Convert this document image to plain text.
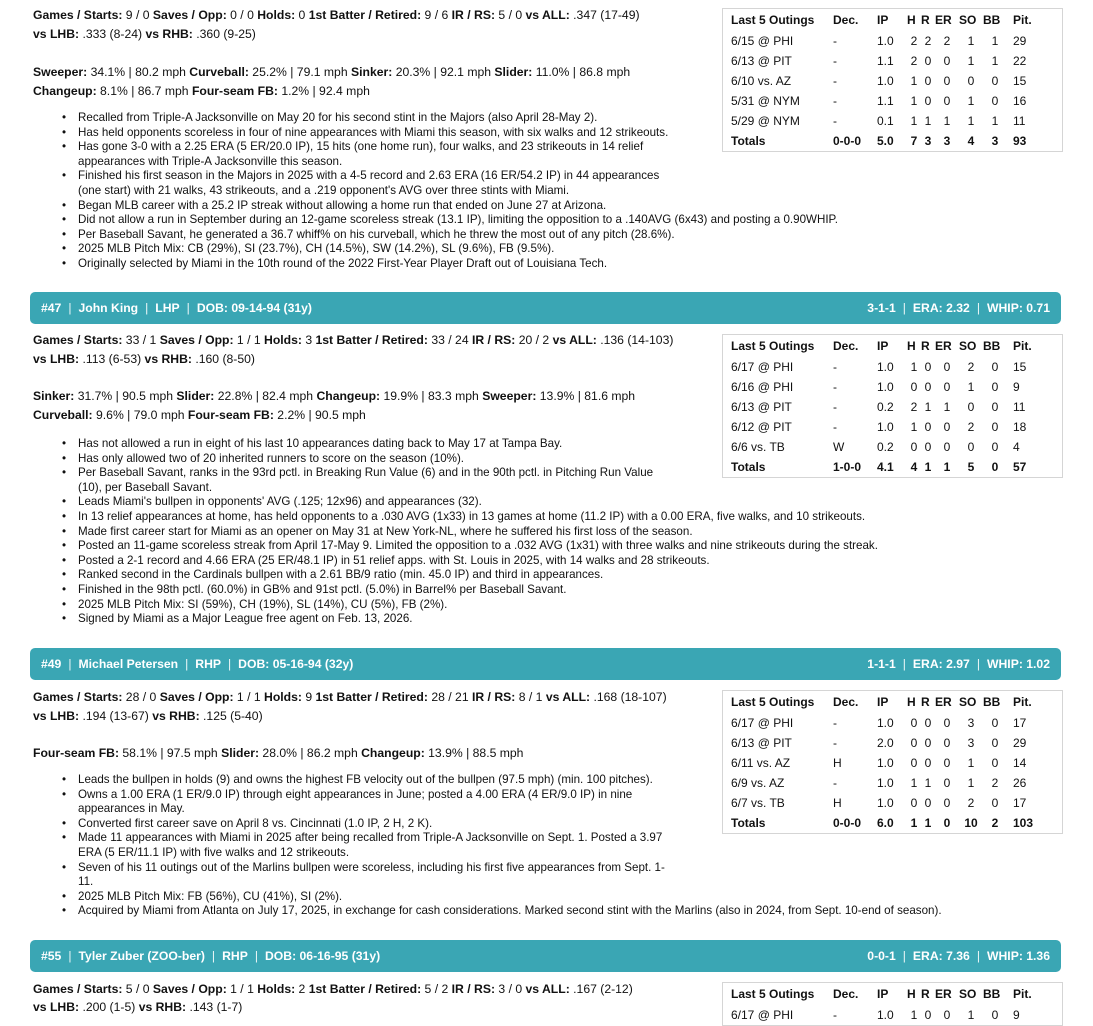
Games / Starts: 9 / 0 Saves / Opp: 0 / 0 Holds: 0 1st Batter / Retired: 9 / 6 IR / RS: 5 / 0 vs ALL: .347 (17-49)
vs LHB: .333 (8-24) vs RHB: .360 (9-25)
Sweeper: 34.1% | 80.2 mph Curveball: 25.2% | 79.1 mph Sinker: 20.3% | 92.1 mph Slider: 11.0% | 86.8 mph
Changeup: 8.1% | 86.7 mph Four-seam FB: 1.2% | 92.4 mph
• Recalled from Triple-A Jacksonville on May 20 for his second stint in the Majors (also April 28-May 2).
• Has held opponents scoreless in four of nine appearances with Miami this season, with six walks and 12 strikeouts.
• Has gone 3-0 with a 2.25 ERA (5 ER/20.0 IP), 15 hits (one home run), four walks, and 23 strikeouts in 14 relief
appearances with Triple-A Jacksonville this season.
• Finished his first season in the Majors in 2025 with a 4-5 record and 2.63 ERA (16 ER/54.2 IP) in 44 appearances
(one start) with 21 walks, 43 strikeouts, and a .219 opponent's AVG over three stints with Miami.
• Began MLB career with a 25.2 IP streak without allowing a home run that ended on June 27 at Arizona.
• Did not allow a run in September during an 12-game scoreless streak (13.1 IP), limiting the opposition to a .140AVG (6x43) and posting a 0.90WHIP.
• Per Baseball Savant, he generated a 36.7 whiff% on his curveball, which he threw the most out of any pitch (28.6%).
• 2025 MLB Pitch Mix: CB (29%), SI (23.7%), CH (14.5%), SW (14.2%), SL (9.6%), FB (9.5%).
• Originally selected by Miami in the 10th round of the 2022 First-Year Player Draft out of Louisiana Tech.
Last 5 Outings	Dec.	IP	H	R	ER	SO	BB	Pit.
6/15 @ PHI	-	1.0	2	2	2	1	1	29
6/13 @ PIT	-	1.1	2	0	0	1	1	22
6/10 vs. AZ	-	1.0	1	0	0	0	0	15
5/31 @ NYM	-	1.1	1	0	0	1	0	16
5/29 @ NYM	-	0.1	1	1	1	1	1	11
Totals	0-0-0	5.0	7	3	3	4	3	93
#47 | John King | LHP | DOB: 09-14-94 (31y)	3-1-1 | ERA: 2.32 | WHIP: 0.71
Games / Starts: 33 / 1 Saves / Opp: 1 / 1 Holds: 3 1st Batter / Retired: 33 / 24 IR / RS: 20 / 2 vs ALL: .136 (14-103)
vs LHB: .113 (6-53) vs RHB: .160 (8-50)
Sinker: 31.7% | 90.5 mph Slider: 22.8% | 82.4 mph Changeup: 19.9% | 83.3 mph Sweeper: 13.9% | 81.6 mph
Curveball: 9.6% | 79.0 mph Four-seam FB: 2.2% | 90.5 mph
• Has not allowed a run in eight of his last 10 appearances dating back to May 17 at Tampa Bay.
• Has only allowed two of 20 inherited runners to score on the season (10%).
• Per Baseball Savant, ranks in the 93rd pctl. in Breaking Run Value (6) and in the 90th pctl. in Pitching Run Value
(10), per Baseball Savant.
• Leads Miami's bullpen in opponents' AVG (.125; 12x96) and appearances (32).
• In 13 relief appearances at home, has held opponents to a .030 AVG (1x33) in 13 games at home (11.2 IP) with a 0.00 ERA, five walks, and 10 strikeouts.
• Made first career start for Miami as an opener on May 31 at New York-NL, where he suffered his first loss of the season.
• Posted an 11-game scoreless streak from April 17-May 9. Limited the opposition to a .032 AVG (1x31) with three walks and nine strikeouts during the streak.
• Posted a 2-1 record and 4.66 ERA (25 ER/48.1 IP) in 51 relief apps. with St. Louis in 2025, with 14 walks and 28 strikeouts.
• Ranked second in the Cardinals bullpen with a 2.61 BB/9 ratio (min. 45.0 IP) and third in appearances.
• Finished in the 98th pctl. (60.0%) in GB% and 91st pctl. (5.0%) in Barrel% per Baseball Savant.
• 2025 MLB Pitch Mix: SI (59%), CH (19%), SL (14%), CU (5%), FB (2%).
• Signed by Miami as a Major League free agent on Feb. 13, 2026.
Last 5 Outings	Dec.	IP	H	R	ER	SO	BB	Pit.
6/17 @ PHI	-	1.0	1	0	0	2	0	15
6/16 @ PHI	-	1.0	0	0	0	1	0	9
6/13 @ PIT	-	0.2	2	1	1	0	0	11
6/12 @ PIT	-	1.0	1	0	0	2	0	18
6/6 vs. TB	W	0.2	0	0	0	0	0	4
Totals	1-0-0	4.1	4	1	1	5	0	57
#49 | Michael Petersen | RHP | DOB: 05-16-94 (32y)	1-1-1 | ERA: 2.97 | WHIP: 1.02
Games / Starts: 28 / 0 Saves / Opp: 1 / 1 Holds: 9 1st Batter / Retired: 28 / 21 IR / RS: 8 / 1 vs ALL: .168 (18-107)
vs LHB: .194 (13-67) vs RHB: .125 (5-40)
Four-seam FB: 58.1% | 97.5 mph Slider: 28.0% | 86.2 mph Changeup: 13.9% | 88.5 mph
• Leads the bullpen in holds (9) and owns the highest FB velocity out of the bullpen (97.5 mph) (min. 100 pitches).
• Owns a 1.00 ERA (1 ER/9.0 IP) through eight appearances in June; posted a 4.00 ERA (4 ER/9.0 IP) in nine
appearances in May.
• Converted first career save on April 8 vs. Cincinnati (1.0 IP, 2 H, 2 K).
• Made 11 appearances with Miami in 2025 after being recalled from Triple-A Jacksonville on Sept. 1. Posted a 3.97
ERA (5 ER/11.1 IP) with five walks and 12 strikeouts.
• Seven of his 11 outings out of the Marlins bullpen were scoreless, including his first five appearances from Sept. 1-
11.
• 2025 MLB Pitch Mix: FB (56%), CU (41%), SI (2%).
• Acquired by Miami from Atlanta on July 17, 2025, in exchange for cash considerations. Marked second stint with the Marlins (also in 2024, from Sept. 10-end of season).
Last 5 Outings	Dec.	IP	H	R	ER	SO	BB	Pit.
6/17 @ PHI	-	1.0	0	0	0	3	0	17
6/13 @ PIT	-	2.0	0	0	0	3	0	29
6/11 vs. AZ	H	1.0	0	0	0	1	0	14
6/9 vs. AZ	-	1.0	1	1	0	1	2	26
6/7 vs. TB	H	1.0	0	0	0	2	0	17
Totals	0-0-0	6.0	1	1	0	10	2	103
#55 | Tyler Zuber (ZOO-ber) | RHP | DOB: 06-16-95 (31y)	0-0-1 | ERA: 7.36 | WHIP: 1.36
Games / Starts: 5 / 0 Saves / Opp: 1 / 1 Holds: 2 1st Batter / Retired: 5 / 2 IR / RS: 3 / 0 vs ALL: .167 (2-12)
vs LHB: .200 (1-5) vs RHB: .143 (1-7)
Last 5 Outings	Dec.	IP	H	R	ER	SO	BB	Pit.
6/17 @ PHI	-	1.0	1	0	0	1	0	9
